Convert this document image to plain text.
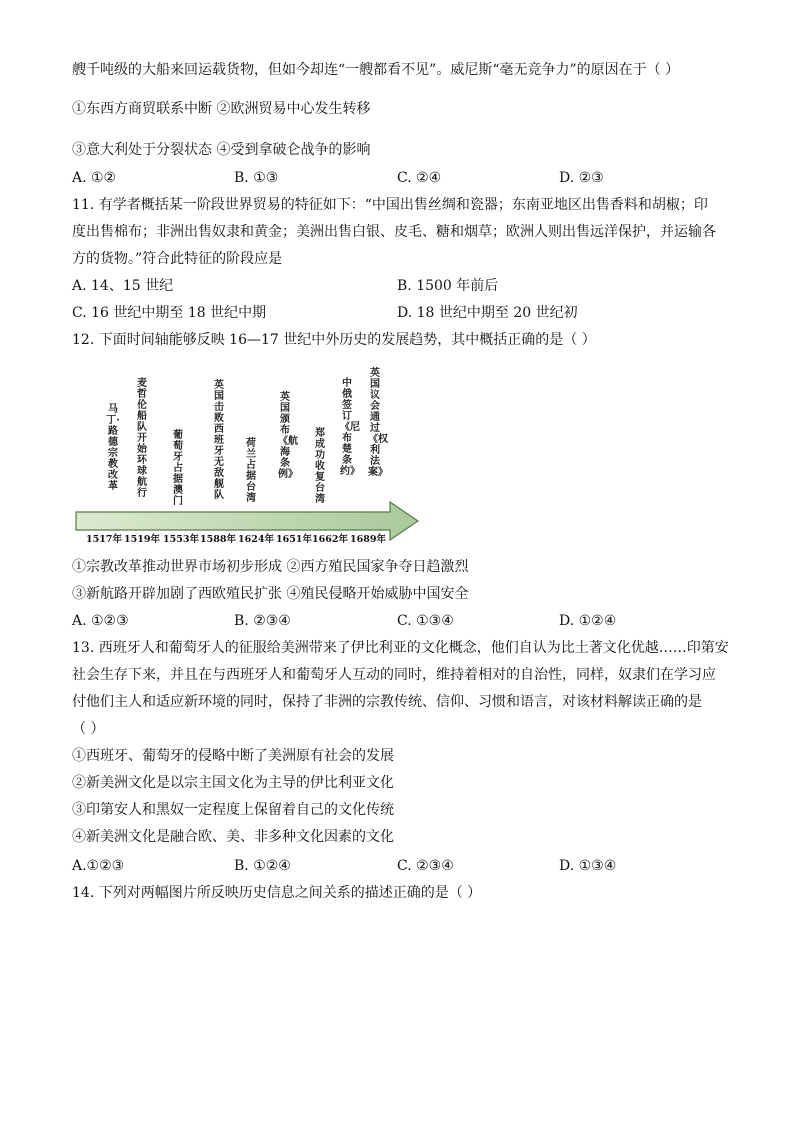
艘千吨级的大船来回运载货物，但如今却连“一艘都看不见”。威尼斯“毫无竞争力”的原因在于（ ）
①东西方商贸联系中断 ②欧洲贸易中心发生转移
③意大利处于分裂状态 ④受到拿破仑战争的影响
A. ①②	B. ①③	C. ②④	D. ②③
11. 有学者概括某一阶段世界贸易的特征如下：“中国出售丝绸和瓷器；东南亚地区出售香料和胡椒；印
度出售棉布；非洲出售奴隶和黄金；美洲出售白银、皮毛、糖和烟草；欧洲人则出售远洋保护，并运输各
方的货物。”符合此特征的阶段应是
A. 14、15 世纪	B. 1500 年前后
C. 16 世纪中期至 18 世纪中期	D. 18 世纪中期至 20 世纪初
12. 下面时间轴能够反映 16—17 世纪中外历史的发展趋势，其中概括正确的是（ ）
马丁·路德宗教改革
麦哲伦船队开始环球航行
葡萄牙占据澳门
英国击败西班牙无敌舰队
荷兰占据台湾
英国颁布《航海条例》
郑成功收复台湾
中俄签订《尼布楚条约》
英国议会通过《权利法案》
1517年 1519年 1553年 1588年 1624年 1651年 1662年 1689年
①宗教改革推动世界市场初步形成 ②西方殖民国家争夺日趋激烈
③新航路开辟加剧了西欧殖民扩张 ④殖民侵略开始威胁中国安全
A. ①②③	B. ②③④	C. ①③④	D. ①②④
13. 西班牙人和葡萄牙人的征服给美洲带来了伊比利亚的文化概念，他们自认为比土著文化优越……印第安
社会生存下来，并且在与西班牙人和葡萄牙人互动的同时，维持着相对的自治性，同样，奴隶们在学习应
付他们主人和适应新环境的同时，保持了非洲的宗教传统、信仰、习惯和语言，对该材料解读正确的是
（ ）
①西班牙、葡萄牙的侵略中断了美洲原有社会的发展
②新美洲文化是以宗主国文化为主导的伊比利亚文化
③印第安人和黑奴一定程度上保留着自己的文化传统
④新美洲文化是融合欧、美、非多种文化因素的文化
A.①②③	B. ①②④	C. ②③④	D. ①③④
14. 下列对两幅图片所反映历史信息之间关系的描述正确的是（ ）
